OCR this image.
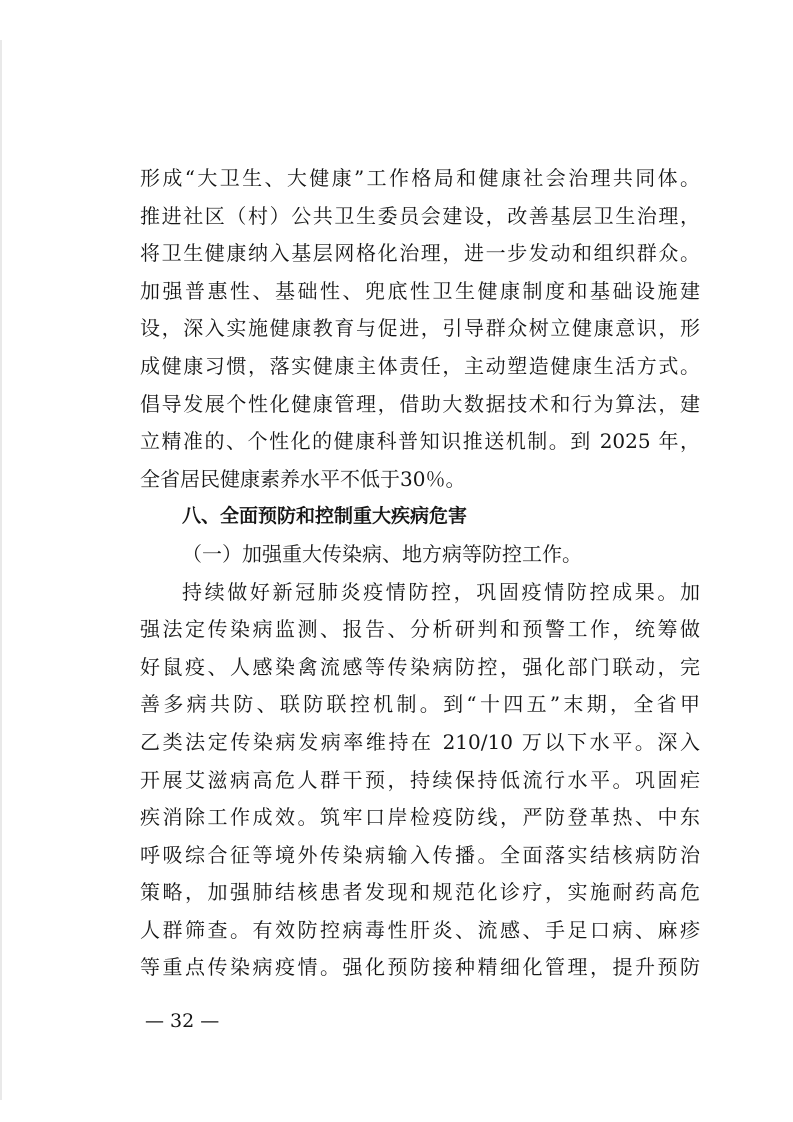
形成“大卫生、大健康”工作格局和健康社会治理共同体。
推进社区（村）公共卫生委员会建设，改善基层卫生治理，
将卫生健康纳入基层网格化治理，进一步发动和组织群众。
加强普惠性、基础性、兜底性卫生健康制度和基础设施建
设，深入实施健康教育与促进，引导群众树立健康意识，形
成健康习惯，落实健康主体责任，主动塑造健康生活方式。
倡导发展个性化健康管理，借助大数据技术和行为算法，建
立精准的、个性化的健康科普知识推送机制。到 2025 年，
全省居民健康素养水平不低于30％。
八、全面预防和控制重大疾病危害
（一）加强重大传染病、地方病等防控工作。
持续做好新冠肺炎疫情防控，巩固疫情防控成果。加
强法定传染病监测、报告、分析研判和预警工作，统筹做
好鼠疫、人感染禽流感等传染病防控，强化部门联动，完
善多病共防、联防联控机制。到“十四五”末期，全省甲
乙类法定传染病发病率维持在 210/10 万以下水平。深入
开展艾滋病高危人群干预，持续保持低流行水平。巩固疟
疾消除工作成效。筑牢口岸检疫防线，严防登革热、中东
呼吸综合征等境外传染病输入传播。全面落实结核病防治
策略，加强肺结核患者发现和规范化诊疗，实施耐药高危
人群筛查。有效防控病毒性肝炎、流感、手足口病、麻疹
等重点传染病疫情。强化预防接种精细化管理，提升预防
— 32 —
